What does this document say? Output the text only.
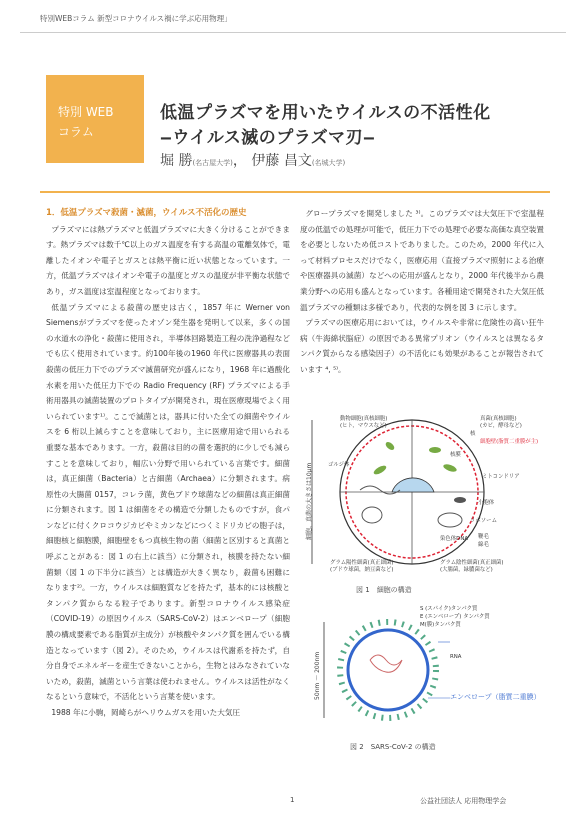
特別WEBコラム 新型コロナウイルス禍に学ぶ応用物理」
特別 WEB
コラム
低温プラズマを用いたウイルスの不活性化
‒ウイルス滅のプラズマ刃‒
堀 勝(名古屋大学)， 伊藤 昌文(名城大学)

1．低温プラズマ殺菌・滅菌，ウイルス不活化の歴史

プラズマには熱プラズマと低温プラズマに大きく分けることができます。熱プラズマは数千℃以上のガス温度を有する高温の電離気体で，電離したイオンや電子とガスとは熱平衡に近い状態となっています。一方，低温プラズマはイオンや電子の温度とガスの温度が非平衡な状態であり，ガス温度は室温程度となっております。

低温プラズマによる殺菌の歴史は古く，1857 年に Werner von Siemensがプラズマを使ったオゾン発生器を発明して以来，多くの国の水道水の浄化・殺菌に使用され，半導体回路製造工程の洗浄過程などでも広く使用されています。約100年後の1960 年代に医療器具の表面殺菌の低圧力下でのプラズマ滅菌研究が盛んになり，1968 年に過酸化水素を用いた低圧力下での Radio Frequency (RF) プラズマによる手術用器具の滅菌装置のプロトタイプが開発され，現在医療現場でよく用いられています¹⁾。ここで滅菌とは，器具に付いた全ての細菌やウイルスを 6 桁以上減らすことを意味しており，主に医療用途で用いられる重要な基本であります。一方，殺菌は目的の菌を選択的に少しでも減らすことを意味しており，幅広い分野で用いられている言葉です。細菌は，真正細菌（Bacteria）と古細菌（Archaea）に分類されます。病原性の大腸菌 0157，コレラ菌，黄色ブドウ球菌などの細菌は真正細菌に分類されます。図 1 は細菌をその構造で分類したものですが，食パンなどに付くクロコウジカビやミカンなどにつくミドリカビの胞子は，細胞核と細胞膜，細胞壁をもつ真核生物の菌（細菌と区別すると真菌と呼ぶことがある：図 1 の右上に該当）に分類され，核膜を持たない細菌類（図 1 の下半分に該当）とは構造が大きく異なり，殺菌も困難になります²⁾。一方，ウイルスは細胞質などを持たず，基本的には核酸とタンパク質からなる粒子であります。新型コロナウイルス感染症（COVID-19）の原因ウイルス（SARS-CoV-2）はエンベロープ（細胞膜の構成要素である脂質が主成分）が核酸やタンパク質を囲んでいる構造となっています（図 2）。そのため，ウイルスは代謝系を持たず，自分自身でエネルギーを産生できないことから，生物とはみなされていないため，殺菌，滅菌という言葉は使われません。ウイルスは活性がなくなるという意味で，不活化という言葉を使います。

1988 年に小駒，岡崎らがヘリウムガスを用いた大気圧

グロープラズマを開発しました ³⁾。このプラズマは大気圧下で室温程度の低温での処理が可能で，低圧力下での処理で必要な高価な真空装置を必要としないため低コストでありました。このため，2000 年代に入って材料プロセスだけでなく，医療応用（直接プラズマ照射による治療や医療器具の滅菌）などへの応用が盛んとなり，2000 年代後半から農業分野への応用も盛んとなっています。各種用途で開発された大気圧低温プラズマの種類は多様であり，代表的な例を図 3 に示します。

プラズマの医療応用においては，ウイルスや非常に危険性の高い狂牛病（牛海綿状脳症）の原因である異常プリオン（ウイルスとは異なるタンパク質からなる感染因子）の不活化にも効果があることが報告されています ⁴, ⁵⁾。

細胞，真菌の大きさは10μm
動物細胞(真核細胞)
(ヒト，マウスなど)
真菌(真核細胞)
(カビ，酵母など)
細胞壁(脂質二重膜が主)
核
核膜
ゴルジ体
ミトコンドリア
小胞体
リボソーム
鞭毛
線毛
染色体DNA
グラム陽性細菌(真正細菌)
(ブドウ球菌，納豆菌など)
グラム陰性細菌(真正細菌)
(大腸菌，緑膿菌など)
図 1　 細胞の構造
50nm ～ 200nm
S (スパイク)タンパク質
E (エンベロープ) タンパク質
M(膜)タンパク質
RNA
エンベロープ（脂質二重膜）
図 2　 SARS-CoV-2 の構造
1	公益社団法人 応用物理学会
